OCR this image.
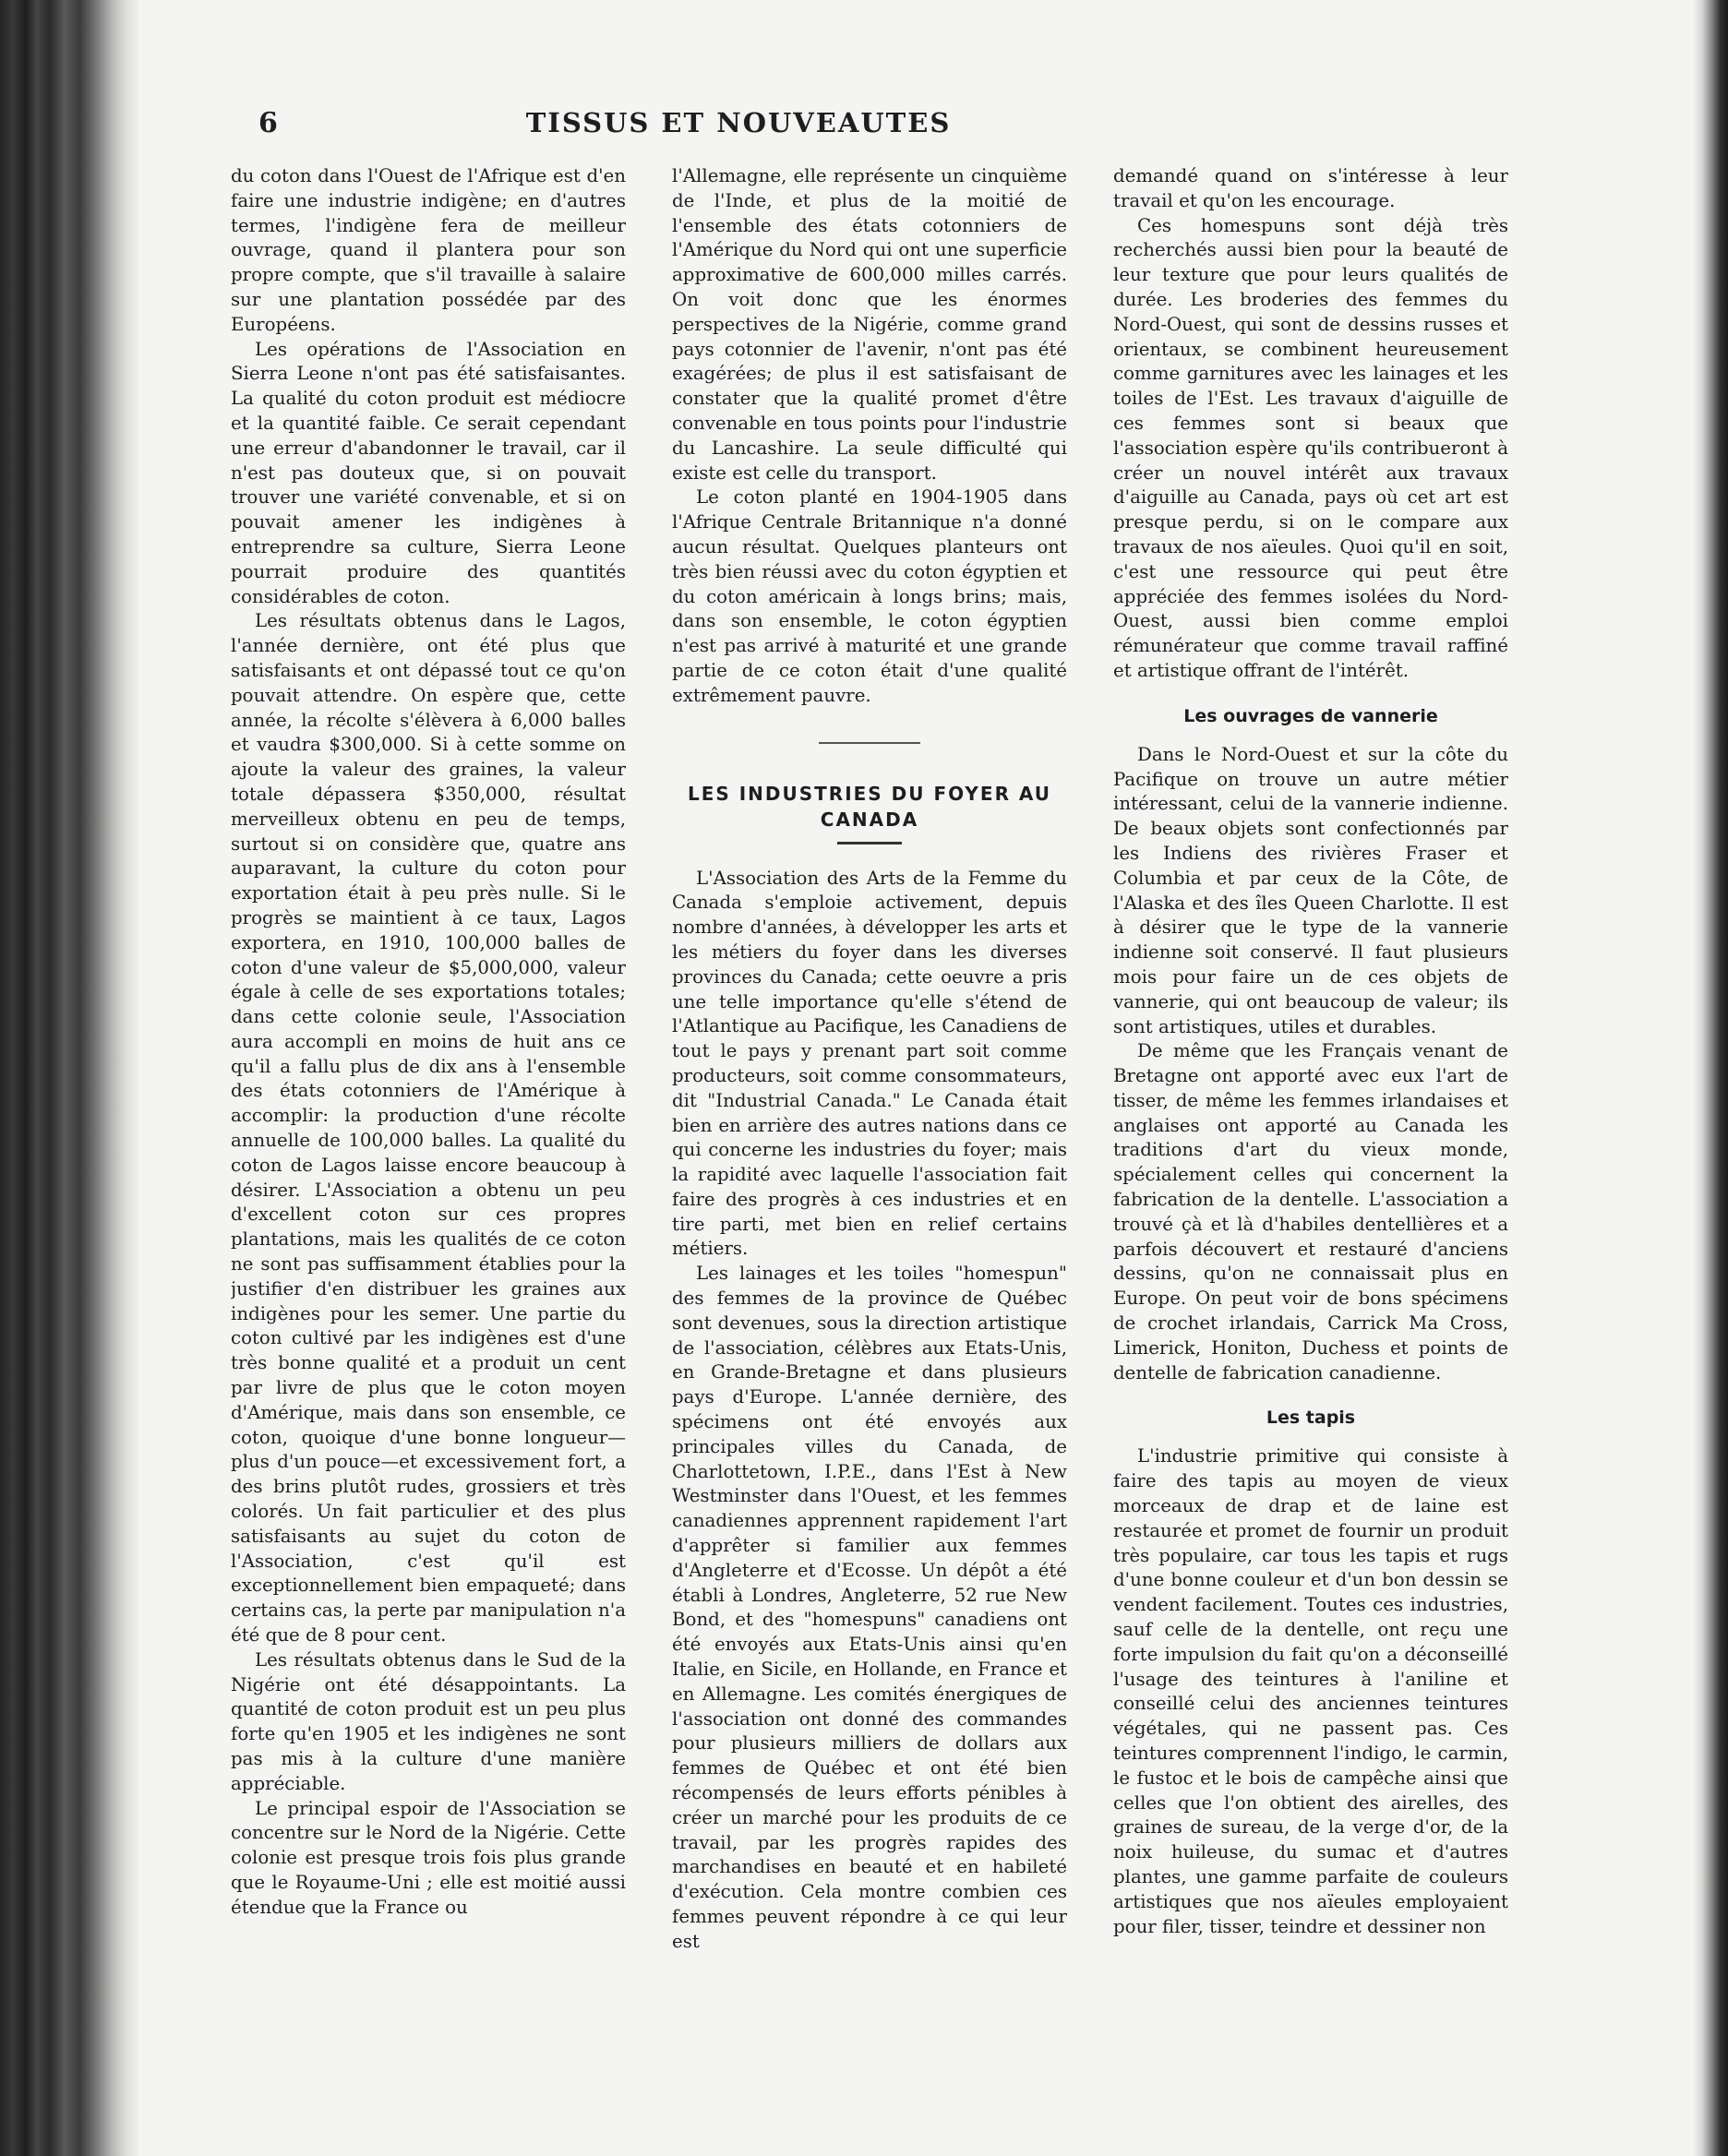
6	TISSUS ET NOUVEAUTES

du coton dans l'Ouest de l'Afrique est d'en faire une industrie indigène; en d'autres termes, l'indigène fera de meilleur ouvrage, quand il plantera pour son propre compte, que s'il travaille à salaire sur une plantation possédée par des Européens.

Les opérations de l'Association en Sierra Leone n'ont pas été satisfaisantes. La qualité du coton produit est médiocre et la quantité faible. Ce serait cependant une erreur d'abandonner le travail, car il n'est pas douteux que, si on pouvait trouver une variété convenable, et si on pouvait amener les indigènes à entreprendre sa culture, Sierra Leone pourrait produire des quantités considérables de coton.

Les résultats obtenus dans le Lagos, l'année dernière, ont été plus que satisfaisants et ont dépassé tout ce qu'on pouvait attendre. On espère que, cette année, la récolte s'élèvera à 6,000 balles et vaudra $300,000. Si à cette somme on ajoute la valeur des graines, la valeur totale dépassera $350,000, résultat merveilleux obtenu en peu de temps, surtout si on considère que, quatre ans auparavant, la culture du coton pour exportation était à peu près nulle. Si le progrès se maintient à ce taux, Lagos exportera, en 1910, 100,000 balles de coton d'une valeur de $5,000,000, valeur égale à celle de ses exportations totales; dans cette colonie seule, l'Association aura accompli en moins de huit ans ce qu'il a fallu plus de dix ans à l'ensemble des états cotonniers de l'Amérique à accomplir: la production d'une récolte annuelle de 100,000 balles. La qualité du coton de Lagos laisse encore beaucoup à désirer. L'Association a obtenu un peu d'excellent coton sur ces propres plantations, mais les qualités de ce coton ne sont pas suffisamment établies pour la justifier d'en distribuer les graines aux indigènes pour les semer. Une partie du coton cultivé par les indigènes est d'une très bonne qualité et a produit un cent par livre de plus que le coton moyen d'Amérique, mais dans son ensemble, ce coton, quoique d'une bonne longueur—plus d'un pouce—et excessivement fort, a des brins plutôt rudes, grossiers et très colorés. Un fait particulier et des plus satisfaisants au sujet du coton de l'Association, c'est qu'il est exceptionnellement bien empaqueté; dans certains cas, la perte par manipulation n'a été que de 8 pour cent.

Les résultats obtenus dans le Sud de la Nigérie ont été désappointants. La quantité de coton produit est un peu plus forte qu'en 1905 et les indigènes ne sont pas mis à la culture d'une manière appréciable.

Le principal espoir de l'Association se concentre sur le Nord de la Nigérie. Cette colonie est presque trois fois plus grande que le Royaume-Uni ; elle est moitié aussi étendue que la France ou

l'Allemagne, elle représente un cinquième de l'Inde, et plus de la moitié de l'ensemble des états cotonniers de l'Amérique du Nord qui ont une superficie approximative de 600,000 milles carrés. On voit donc que les énormes perspectives de la Nigérie, comme grand pays cotonnier de l'avenir, n'ont pas été exagérées; de plus il est satisfaisant de constater que la qualité promet d'être convenable en tous points pour l'industrie du Lancashire. La seule difficulté qui existe est celle du transport.

Le coton planté en 1904-1905 dans l'Afrique Centrale Britannique n'a donné aucun résultat. Quelques planteurs ont très bien réussi avec du coton égyptien et du coton américain à longs brins; mais, dans son ensemble, le coton égyptien n'est pas arrivé à maturité et une grande partie de ce coton était d'une qualité extrêmement pauvre.

LES INDUSTRIES DU FOYER AU CANADA

L'Association des Arts de la Femme du Canada s'emploie activement, depuis nombre d'années, à développer les arts et les métiers du foyer dans les diverses provinces du Canada; cette oeuvre a pris une telle importance qu'elle s'étend de l'Atlantique au Pacifique, les Canadiens de tout le pays y prenant part soit comme producteurs, soit comme consommateurs, dit "Industrial Canada." Le Canada était bien en arrière des autres nations dans ce qui concerne les industries du foyer; mais la rapidité avec laquelle l'association fait faire des progrès à ces industries et en tire parti, met bien en relief certains métiers.

Les lainages et les toiles "homespun" des femmes de la province de Québec sont devenues, sous la direction artistique de l'association, célèbres aux Etats-Unis, en Grande-Bretagne et dans plusieurs pays d'Europe. L'année dernière, des spécimens ont été envoyés aux principales villes du Canada, de Charlottetown, I.P.E., dans l'Est à New Westminster dans l'Ouest, et les femmes canadiennes apprennent rapidement l'art d'apprêter si familier aux femmes d'Angleterre et d'Ecosse. Un dépôt a été établi à Londres, Angleterre, 52 rue New Bond, et des "homespuns" canadiens ont été envoyés aux Etats-Unis ainsi qu'en Italie, en Sicile, en Hollande, en France et en Allemagne. Les comités énergiques de l'association ont donné des commandes pour plusieurs milliers de dollars aux femmes de Québec et ont été bien récompensés de leurs efforts pénibles à créer un marché pour les produits de ce travail, par les progrès rapides des marchandises en beauté et en habileté d'exécution. Cela montre combien ces femmes peuvent répondre à ce qui leur est

demandé quand on s'intéresse à leur travail et qu'on les encourage.

Ces homespuns sont déjà très recherchés aussi bien pour la beauté de leur texture que pour leurs qualités de durée. Les broderies des femmes du Nord-Ouest, qui sont de dessins russes et orientaux, se combinent heureusement comme garnitures avec les lainages et les toiles de l'Est. Les travaux d'aiguille de ces femmes sont si beaux que l'association espère qu'ils contribueront à créer un nouvel intérêt aux travaux d'aiguille au Canada, pays où cet art est presque perdu, si on le compare aux travaux de nos aïeules. Quoi qu'il en soit, c'est une ressource qui peut être appréciée des femmes isolées du Nord-Ouest, aussi bien comme emploi rémunérateur que comme travail raffiné et artistique offrant de l'intérêt.

Les ouvrages de vannerie

Dans le Nord-Ouest et sur la côte du Pacifique on trouve un autre métier intéressant, celui de la vannerie indienne. De beaux objets sont confectionnés par les Indiens des rivières Fraser et Columbia et par ceux de la Côte, de l'Alaska et des îles Queen Charlotte. Il est à désirer que le type de la vannerie indienne soit conservé. Il faut plusieurs mois pour faire un de ces objets de vannerie, qui ont beaucoup de valeur; ils sont artistiques, utiles et durables.

De même que les Français venant de Bretagne ont apporté avec eux l'art de tisser, de même les femmes irlandaises et anglaises ont apporté au Canada les traditions d'art du vieux monde, spécialement celles qui concernent la fabrication de la dentelle. L'association a trouvé çà et là d'habiles dentellières et a parfois découvert et restauré d'anciens dessins, qu'on ne connaissait plus en Europe. On peut voir de bons spécimens de crochet irlandais, Carrick Ma Cross, Limerick, Honiton, Duchess et points de dentelle de fabrication canadienne.

Les tapis

L'industrie primitive qui consiste à faire des tapis au moyen de vieux morceaux de drap et de laine est restaurée et promet de fournir un produit très populaire, car tous les tapis et rugs d'une bonne couleur et d'un bon dessin se vendent facilement. Toutes ces industries, sauf celle de la dentelle, ont reçu une forte impulsion du fait qu'on a déconseillé l'usage des teintures à l'aniline et conseillé celui des anciennes teintures végétales, qui ne passent pas. Ces teintures comprennent l'indigo, le carmin, le fustoc et le bois de campêche ainsi que celles que l'on obtient des airelles, des graines de sureau, de la verge d'or, de la noix huileuse, du sumac et d'autres plantes, une gamme parfaite de couleurs artistiques que nos aïeules employaient pour filer, tisser, teindre et dessiner non
